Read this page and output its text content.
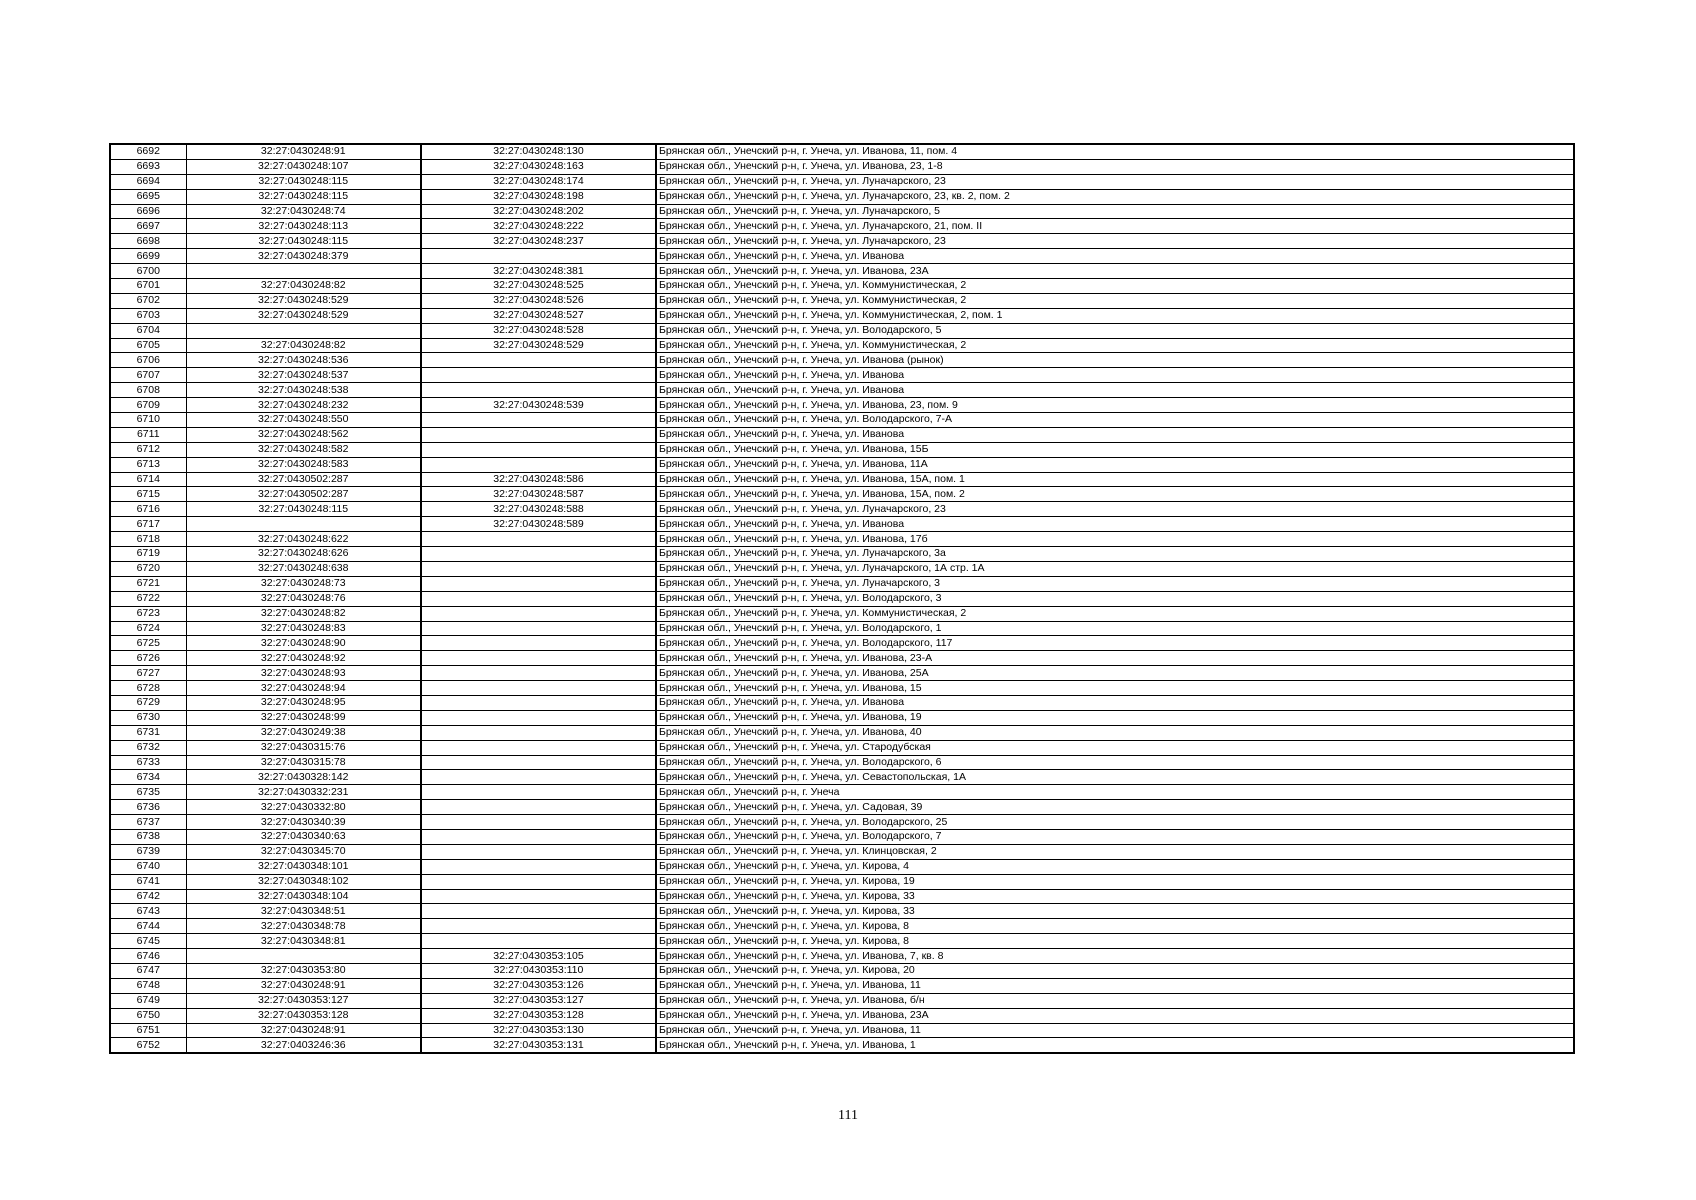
6692	32:27:0430248:91	32:27:0430248:130	Брянская обл., Унечский р-н, г. Унеча, ул. Иванова, 11, пом. 4
6693	32:27:0430248:107	32:27:0430248:163	Брянская обл., Унечский р-н, г. Унеча, ул. Иванова, 23, 1-8
6694	32:27:0430248:115	32:27:0430248:174	Брянская обл., Унечский р-н, г. Унеча, ул. Луначарского, 23
6695	32:27:0430248:115	32:27:0430248:198	Брянская обл., Унечский р-н, г. Унеча, ул. Луначарского, 23, кв. 2, пом. 2
6696	32:27:0430248:74	32:27:0430248:202	Брянская обл., Унечский р-н, г. Унеча, ул. Луначарского, 5
6697	32:27:0430248:113	32:27:0430248:222	Брянская обл., Унечский р-н, г. Унеча, ул. Луначарского, 21, пом. II
6698	32:27:0430248:115	32:27:0430248:237	Брянская обл., Унечский р-н, г. Унеча, ул. Луначарского, 23
6699	32:27:0430248:379		Брянская обл., Унечский р-н, г. Унеча, ул. Иванова
6700		32:27:0430248:381	Брянская обл., Унечский р-н, г. Унеча, ул. Иванова, 23А
6701	32:27:0430248:82	32:27:0430248:525	Брянская обл., Унечский р-н, г. Унеча, ул. Коммунистическая, 2
6702	32:27:0430248:529	32:27:0430248:526	Брянская обл., Унечский р-н, г. Унеча, ул. Коммунистическая, 2
6703	32:27:0430248:529	32:27:0430248:527	Брянская обл., Унечский р-н, г. Унеча, ул. Коммунистическая, 2, пом. 1
6704		32:27:0430248:528	Брянская обл., Унечский р-н, г. Унеча, ул. Володарского, 5
6705	32:27:0430248:82	32:27:0430248:529	Брянская обл., Унечский р-н, г. Унеча, ул. Коммунистическая, 2
6706	32:27:0430248:536		Брянская обл., Унечский р-н, г. Унеча, ул. Иванова (рынок)
6707	32:27:0430248:537		Брянская обл., Унечский р-н, г. Унеча, ул. Иванова
6708	32:27:0430248:538		Брянская обл., Унечский р-н, г. Унеча, ул. Иванова
6709	32:27:0430248:232	32:27:0430248:539	Брянская обл., Унечский р-н, г. Унеча, ул. Иванова, 23, пом. 9
6710	32:27:0430248:550		Брянская обл., Унечский р-н, г. Унеча, ул. Володарского, 7-А
6711	32:27:0430248:562		Брянская обл., Унечский р-н, г. Унеча, ул. Иванова
6712	32:27:0430248:582		Брянская обл., Унечский р-н, г. Унеча, ул. Иванова, 15Б
6713	32:27:0430248:583		Брянская обл., Унечский р-н, г. Унеча, ул. Иванова, 11А
6714	32:27:0430502:287	32:27:0430248:586	Брянская обл., Унечский р-н, г. Унеча, ул. Иванова, 15А, пом. 1
6715	32:27:0430502:287	32:27:0430248:587	Брянская обл., Унечский р-н, г. Унеча, ул. Иванова, 15А, пом. 2
6716	32:27:0430248:115	32:27:0430248:588	Брянская обл., Унечский р-н, г. Унеча, ул. Луначарского, 23
6717		32:27:0430248:589	Брянская обл., Унечский р-н, г. Унеча, ул. Иванова
6718	32:27:0430248:622		Брянская обл., Унечский р-н, г. Унеча, ул. Иванова, 17б
6719	32:27:0430248:626		Брянская обл., Унечский р-н, г. Унеча, ул. Луначарского, 3а
6720	32:27:0430248:638		Брянская обл., Унечский р-н, г. Унеча, ул. Луначарского, 1А стр. 1А
6721	32:27:0430248:73		Брянская обл., Унечский р-н, г. Унеча, ул. Луначарского, 3
6722	32:27:0430248:76		Брянская обл., Унечский р-н, г. Унеча, ул. Володарского, 3
6723	32:27:0430248:82		Брянская обл., Унечский р-н, г. Унеча, ул. Коммунистическая, 2
6724	32:27:0430248:83		Брянская обл., Унечский р-н, г. Унеча, ул. Володарского, 1
6725	32:27:0430248:90		Брянская обл., Унечский р-н, г. Унеча, ул. Володарского, 117
6726	32:27:0430248:92		Брянская обл., Унечский р-н, г. Унеча, ул. Иванова, 23-А
6727	32:27:0430248:93		Брянская обл., Унечский р-н, г. Унеча, ул. Иванова, 25А
6728	32:27:0430248:94		Брянская обл., Унечский р-н, г. Унеча, ул. Иванова, 15
6729	32:27:0430248:95		Брянская обл., Унечский р-н, г. Унеча, ул. Иванова
6730	32:27:0430248:99		Брянская обл., Унечский р-н, г. Унеча, ул. Иванова, 19
6731	32:27:0430249:38		Брянская обл., Унечский р-н, г. Унеча, ул. Иванова, 40
6732	32:27:0430315:76		Брянская обл., Унечский р-н, г. Унеча, ул. Стародубская
6733	32:27:0430315:78		Брянская обл., Унечский р-н, г. Унеча, ул. Володарского, 6
6734	32:27:0430328:142		Брянская обл., Унечский р-н, г. Унеча, ул. Севастопольская, 1А
6735	32:27:0430332:231		Брянская обл., Унечский р-н, г. Унеча
6736	32:27:0430332:80		Брянская обл., Унечский р-н, г. Унеча, ул. Садовая, 39
6737	32:27:0430340:39		Брянская обл., Унечский р-н, г. Унеча, ул. Володарского, 25
6738	32:27:0430340:63		Брянская обл., Унечский р-н, г. Унеча, ул. Володарского, 7
6739	32:27:0430345:70		Брянская обл., Унечский р-н, г. Унеча, ул. Клинцовская, 2
6740	32:27:0430348:101		Брянская обл., Унечский р-н, г. Унеча, ул. Кирова, 4
6741	32:27:0430348:102		Брянская обл., Унечский р-н, г. Унеча, ул. Кирова, 19
6742	32:27:0430348:104		Брянская обл., Унечский р-н, г. Унеча, ул. Кирова, 33
6743	32:27:0430348:51		Брянская обл., Унечский р-н, г. Унеча, ул. Кирова, 33
6744	32:27:0430348:78		Брянская обл., Унечский р-н, г. Унеча, ул. Кирова, 8
6745	32:27:0430348:81		Брянская обл., Унечский р-н, г. Унеча, ул. Кирова, 8
6746		32:27:0430353:105	Брянская обл., Унечский р-н, г. Унеча, ул. Иванова, 7, кв. 8
6747	32:27:0430353:80	32:27:0430353:110	Брянская обл., Унечский р-н, г. Унеча, ул. Кирова, 20
6748	32:27:0430248:91	32:27:0430353:126	Брянская обл., Унечский р-н, г. Унеча, ул. Иванова, 11
6749	32:27:0430353:127	32:27:0430353:127	Брянская обл., Унечский р-н, г. Унеча, ул. Иванова, б/н
6750	32:27:0430353:128	32:27:0430353:128	Брянская обл., Унечский р-н, г. Унеча, ул. Иванова, 23А
6751	32:27:0430248:91	32:27:0430353:130	Брянская обл., Унечский р-н, г. Унеча, ул. Иванова, 11
6752	32:27:0403246:36	32:27:0430353:131	Брянская обл., Унечский р-н, г. Унеча, ул. Иванова, 1
111
